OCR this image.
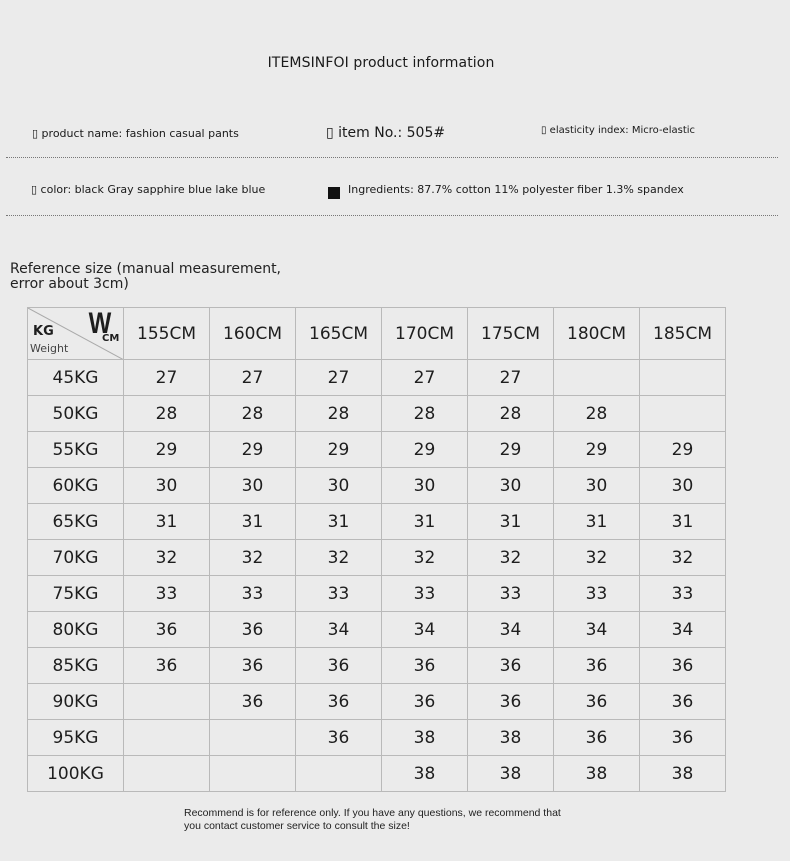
ITEMSINFOI product information
▯ product name: fashion casual pants	▯ item No.: 505#	▯ elasticity index: Micro-elastic
▯ color: black Gray sapphire blue lake blue	Ingredients: 87.7% cotton 11% polyester fiber 1.3% spandex
Reference size (manual measurement,
error about 3cm)
KG
Weight
W
CM	155CM	160CM	165CM	170CM	175CM	180CM	185CM
45KG	27	27	27	27	27		
50KG	28	28	28	28	28	28	
55KG	29	29	29	29	29	29	29
60KG	30	30	30	30	30	30	30
65KG	31	31	31	31	31	31	31
70KG	32	32	32	32	32	32	32
75KG	33	33	33	33	33	33	33
80KG	36	36	34	34	34	34	34
85KG	36	36	36	36	36	36	36
90KG		36	36	36	36	36	36
95KG			36	38	38	36	36
100KG				38	38	38	38
Recommend is for reference only. If you have any questions, we recommend that
you contact customer service to consult the size!
